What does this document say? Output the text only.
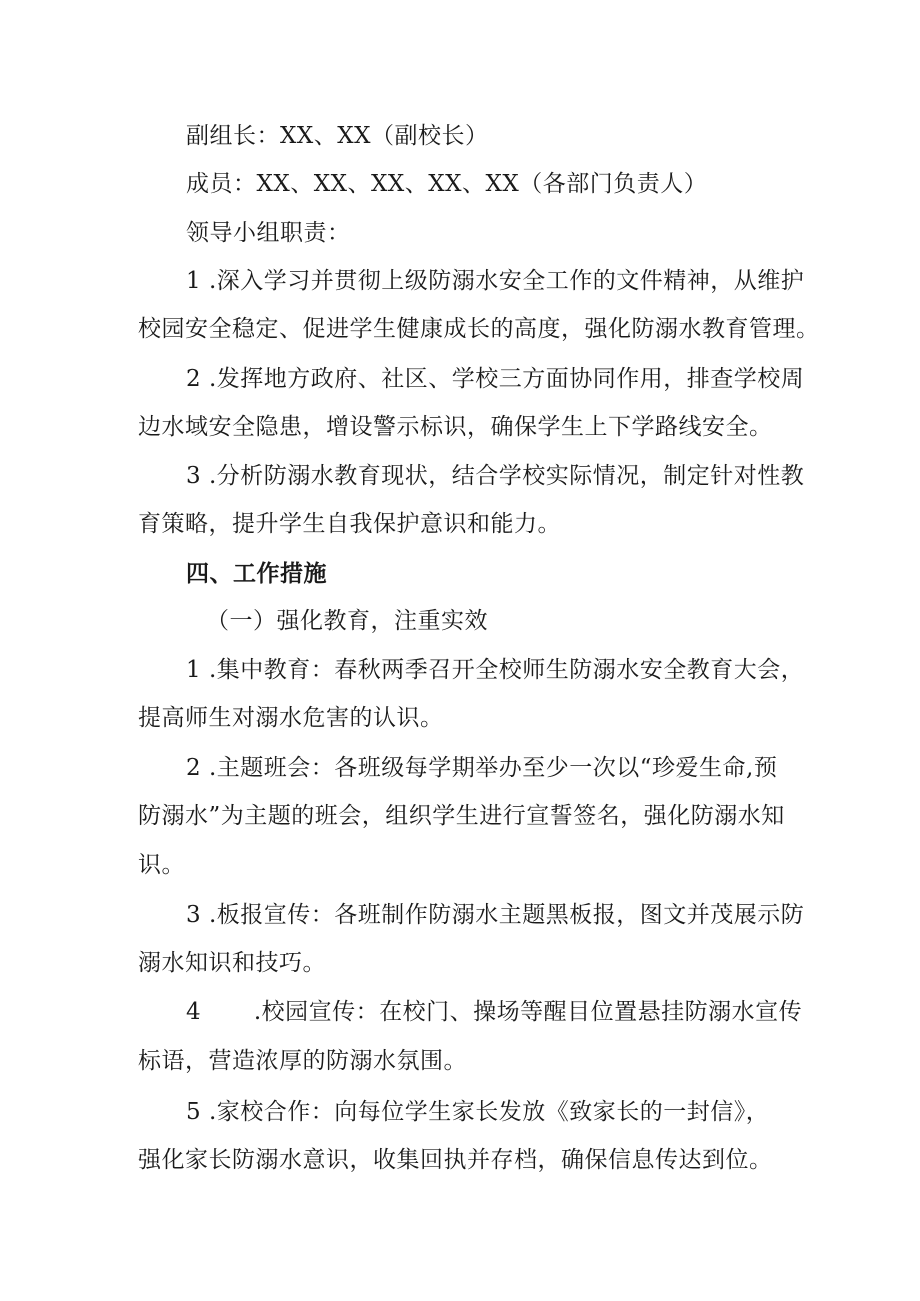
副组长：XX、XX（副校长）
成员：XX、XX、XX、XX、XX（各部门负责人）
领导小组职责：
1 .深入学习并贯彻上级防溺水安全工作的文件精神，从维护
校园安全稳定、促进学生健康成长的高度，强化防溺水教育管理。
2 .发挥地方政府、社区、学校三方面协同作用，排查学校周
边水域安全隐患，增设警示标识，确保学生上下学路线安全。
3 .分析防溺水教育现状，结合学校实际情况，制定针对性教
育策略，提升学生自我保护意识和能力。
四、工作措施
（一）强化教育，注重实效
1 .集中教育：春秋两季召开全校师生防溺水安全教育大会，
提高师生对溺水危害的认识。
2 .主题班会：各班级每学期举办至少一次以“珍爱生命,预
防溺水”为主题的班会，组织学生进行宣誓签名，强化防溺水知
识。
3 .板报宣传：各班制作防溺水主题黑板报，图文并茂展示防
溺水知识和技巧。
4 .校园宣传：在校门、操场等醒目位置悬挂防溺水宣传
标语，营造浓厚的防溺水氛围。
5 .家校合作：向每位学生家长发放《致家长的一封信》，
强化家长防溺水意识，收集回执并存档，确保信息传达到位。
